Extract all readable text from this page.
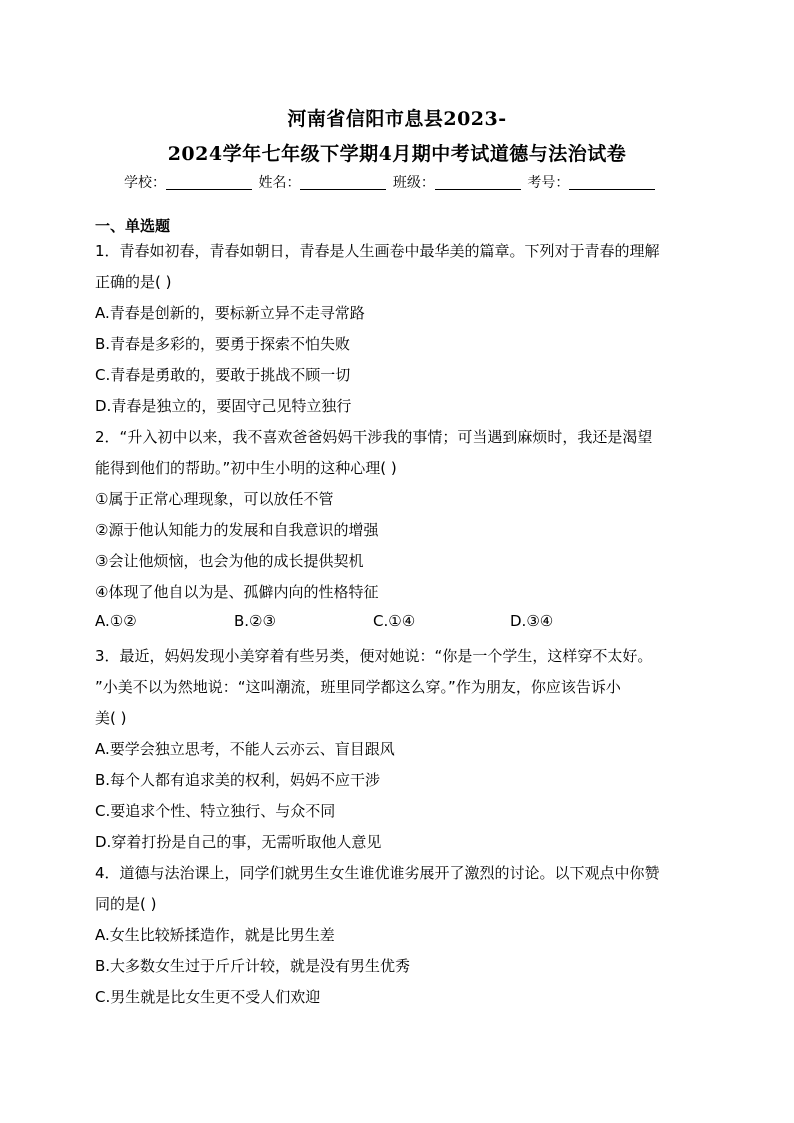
河南省信阳市息县2023-
2024学年七年级下学期4月期中考试道德与法治试卷
学校：	姓名：	班级：	考号：
一、单选题
1．青春如初春，青春如朝日，青春是人生画卷中最华美的篇章。下列对于青春的理解
正确的是( )
A.青春是创新的，要标新立异不走寻常路
B.青春是多彩的，要勇于探索不怕失败
C.青春是勇敢的，要敢于挑战不顾一切
D.青春是独立的，要固守己见特立独行
2．“升入初中以来，我不喜欢爸爸妈妈干涉我的事情；可当遇到麻烦时，我还是渴望
能得到他们的帮助。”初中生小明的这种心理( )
①属于正常心理现象，可以放任不管
②源于他认知能力的发展和自我意识的增强
③会让他烦恼，也会为他的成长提供契机
④体现了他自以为是、孤僻内向的性格特征
A.①②	B.②③	C.①④	D.③④
3．最近，妈妈发现小美穿着有些另类，便对她说：“你是一个学生，这样穿不太好。
”小美不以为然地说：“这叫潮流，班里同学都这么穿。”作为朋友，你应该告诉小
美( )
A.要学会独立思考，不能人云亦云、盲目跟风
B.每个人都有追求美的权利，妈妈不应干涉
C.要追求个性、特立独行、与众不同
D.穿着打扮是自己的事，无需听取他人意见
4．道德与法治课上，同学们就男生女生谁优谁劣展开了激烈的讨论。以下观点中你赞
同的是( )
A.女生比较矫揉造作，就是比男生差
B.大多数女生过于斤斤计较，就是没有男生优秀
C.男生就是比女生更不受人们欢迎
